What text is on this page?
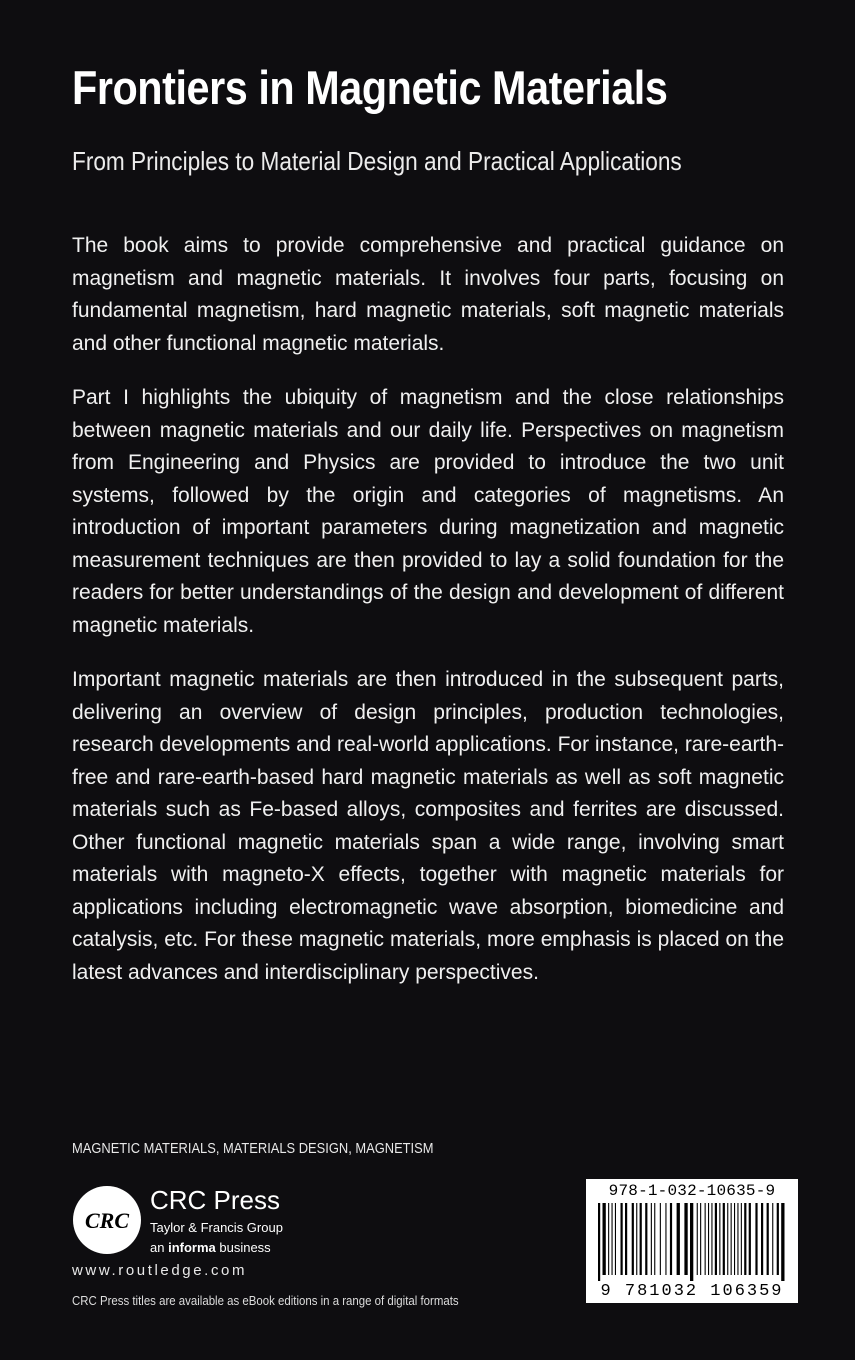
Frontiers in Magnetic Materials
From Principles to Material Design and Practical Applications

The book aims to provide comprehensive and practical guidance on magnetism and magnetic materials. It involves four parts, focusing on fundamental magnetism, hard magnetic materials, soft magnetic materials and other functional magnetic materials.

Part I highlights the ubiquity of magnetism and the close relationships between magnetic materials and our daily life. Perspectives on magnetism from Engineering and Physics are provided to introduce the two unit systems, followed by the origin and categories of magnetisms. An introduction of important parameters during magnetization and magnetic measurement techniques are then provided to lay a solid foundation for the readers for better understandings of the design and development of different magnetic materials.

Important magnetic materials are then introduced in the subsequent parts, delivering an overview of design principles, production technologies, research developments and real-world applications. For instance, rare-earth-free and rare-earth-based hard magnetic materials as well as soft magnetic materials such as Fe-based alloys, composites and ferrites are discussed. Other functional magnetic materials span a wide range, involving smart materials with magneto-X effects, together with magnetic materials for applications including electromagnetic wave absorption, biomedicine and catalysis, etc. For these magnetic materials, more emphasis is placed on the latest advances and interdisciplinary perspectives.

MAGNETIC MATERIALS, MATERIALS DESIGN, MAGNETISM
CRC
CRC Press
Taylor & Francis Group
an informa business
www.routledge.com
CRC Press titles are available as eBook editions in a range of digital formats
978-1-032-10635-9
9 781032 106359
